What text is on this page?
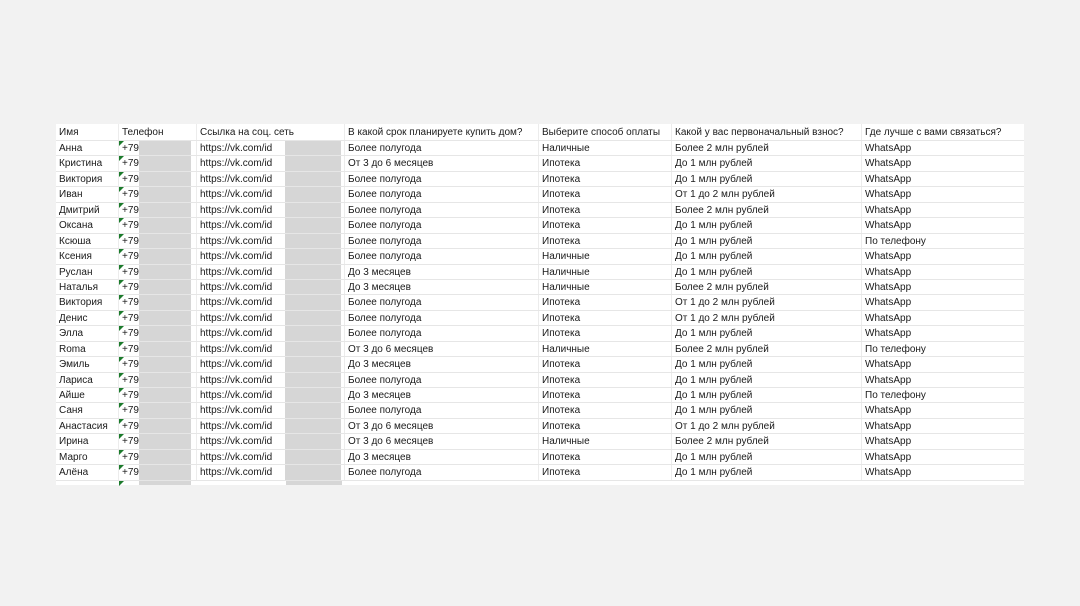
Имя	Телефон	Ссылка на соц. сеть	В какой срок планируете купить дом?	Выберите способ оплаты	Какой у вас первоначальный взнос?	Где лучше с вами связаться?
Анна	+79	https://vk.com/id	Более полугода	Наличные	Более 2 млн рублей	WhatsApp
Кристина	+79	https://vk.com/id	От 3 до 6 месяцев	Ипотека	До 1 млн рублей	WhatsApp
Виктория	+79	https://vk.com/id	Более полугода	Ипотека	До 1 млн рублей	WhatsApp
Иван	+79	https://vk.com/id	Более полугода	Ипотека	От 1 до 2 млн рублей	WhatsApp
Дмитрий	+79	https://vk.com/id	Более полугода	Ипотека	Более 2 млн рублей	WhatsApp
Оксана	+79	https://vk.com/id	Более полугода	Ипотека	До 1 млн рублей	WhatsApp
Ксюша	+79	https://vk.com/id	Более полугода	Ипотека	До 1 млн рублей	По телефону
Ксения	+79	https://vk.com/id	Более полугода	Наличные	До 1 млн рублей	WhatsApp
Руслан	+79	https://vk.com/id	До 3 месяцев	Наличные	До 1 млн рублей	WhatsApp
Наталья	+79	https://vk.com/id	До 3 месяцев	Наличные	Более 2 млн рублей	WhatsApp
Виктория	+79	https://vk.com/id	Более полугода	Ипотека	От 1 до 2 млн рублей	WhatsApp
Денис	+79	https://vk.com/id	Более полугода	Ипотека	От 1 до 2 млн рублей	WhatsApp
Элла	+79	https://vk.com/id	Более полугода	Ипотека	До 1 млн рублей	WhatsApp
Roma	+79	https://vk.com/id	От 3 до 6 месяцев	Наличные	Более 2 млн рублей	По телефону
Эмиль	+79	https://vk.com/id	До 3 месяцев	Ипотека	До 1 млн рублей	WhatsApp
Лариса	+79	https://vk.com/id	Более полугода	Ипотека	До 1 млн рублей	WhatsApp
Айше	+79	https://vk.com/id	До 3 месяцев	Ипотека	До 1 млн рублей	По телефону
Саня	+79	https://vk.com/id	Более полугода	Ипотека	До 1 млн рублей	WhatsApp
Анастасия	+79	https://vk.com/id	От 3 до 6 месяцев	Ипотека	От 1 до 2 млн рублей	WhatsApp
Ирина	+79	https://vk.com/id	От 3 до 6 месяцев	Наличные	Более 2 млн рублей	WhatsApp
Марго	+79	https://vk.com/id	До 3 месяцев	Ипотека	До 1 млн рублей	WhatsApp
Алёна	+79	https://vk.com/id	Более полугода	Ипотека	До 1 млн рублей	WhatsApp
